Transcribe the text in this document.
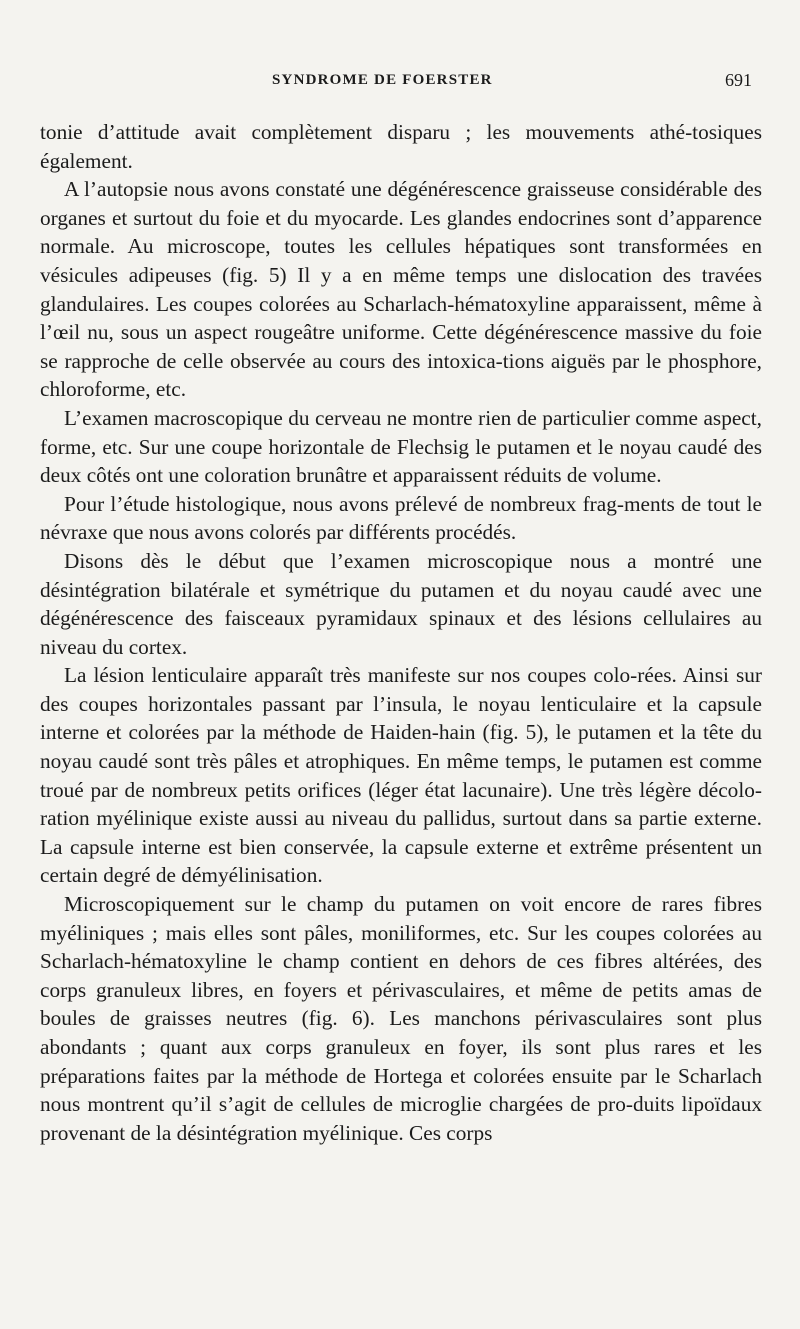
SYNDROME DE FOERSTER	691

tonie d’attitude avait complètement disparu ; les mouvements athé-tosiques également.

A l’autopsie nous avons constaté une dégénérescence graisseuse considérable des organes et surtout du foie et du myocarde. Les glandes endocrines sont d’apparence normale. Au microscope, toutes les cellules hépatiques sont transformées en vésicules adipeuses (fig. 5) Il y a en même temps une dislocation des travées glandulaires. Les coupes colorées au Scharlach-hématoxyline apparaissent, même à l’œil nu, sous un aspect rougeâtre uniforme. Cette dégénérescence massive du foie se rapproche de celle observée au cours des intoxica-tions aiguës par le phosphore, chloroforme, etc.

L’examen macroscopique du cerveau ne montre rien de particulier comme aspect, forme, etc. Sur une coupe horizontale de Flechsig le putamen et le noyau caudé des deux côtés ont une coloration brunâtre et apparaissent réduits de volume.

Pour l’étude histologique, nous avons prélevé de nombreux frag-ments de tout le névraxe que nous avons colorés par différents procédés.

Disons dès le début que l’examen microscopique nous a montré une désintégration bilatérale et symétrique du putamen et du noyau caudé avec une dégénérescence des faisceaux pyramidaux spinaux et des lésions cellulaires au niveau du cortex.

La lésion lenticulaire apparaît très manifeste sur nos coupes colo-rées. Ainsi sur des coupes horizontales passant par l’insula, le noyau lenticulaire et la capsule interne et colorées par la méthode de Haiden-hain (fig. 5), le putamen et la tête du noyau caudé sont très pâles et atrophiques. En même temps, le putamen est comme troué par de nombreux petits orifices (léger état lacunaire). Une très légère décolo-ration myélinique existe aussi au niveau du pallidus, surtout dans sa partie externe. La capsule interne est bien conservée, la capsule externe et extrême présentent un certain degré de démyélinisation.

Microscopiquement sur le champ du putamen on voit encore de rares fibres myéliniques ; mais elles sont pâles, moniliformes, etc. Sur les coupes colorées au Scharlach-hématoxyline le champ contient en dehors de ces fibres altérées, des corps granuleux libres, en foyers et périvasculaires, et même de petits amas de boules de graisses neutres (fig. 6). Les manchons périvasculaires sont plus abondants ; quant aux corps granuleux en foyer, ils sont plus rares et les préparations faites par la méthode de Hortega et colorées ensuite par le Scharlach nous montrent qu’il s’agit de cellules de microglie chargées de pro-duits lipoïdaux provenant de la désintégration myélinique. Ces corps
